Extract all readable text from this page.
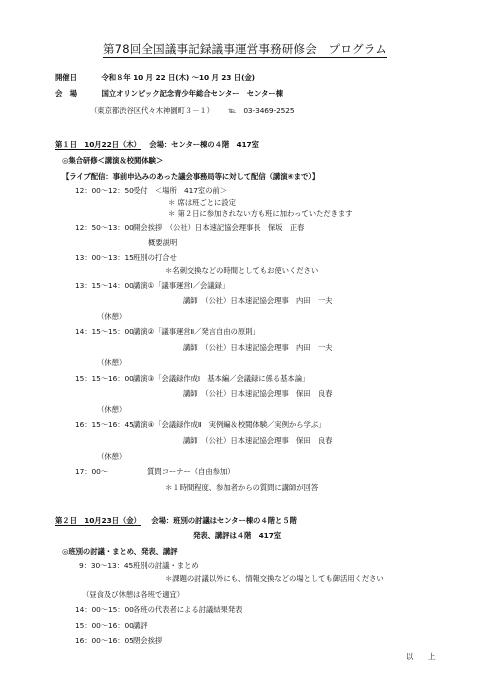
第78回全国議事記録議事運営事務研修会　プログラム
開催日	令和８年 10 月 22 日(木) ～10 月 23 日(金)
会　場	国立オリンピック記念青少年総合センター　センター棟
（東京都渋谷区代々木神園町３－１） ℡　03-3469-2525
第１日　10月22日（木） 会場：センター棟の４階　417室
◎集合研修＜講演＆校閲体験＞
【ライブ配信：事前申込みのあった議会事務局等に対して配信（講演④まで）】
12：00～12：50受付　＜場所　417室の前＞
＊ 席は班ごとに設定
＊ 第２日に参加されない方も班に加わっていただきます
12：50～13：00開会挨拶　（公社）日本速記協会理事長　保坂　正春
概要説明
13：00～13：15班別の打合せ
＊名刺交換などの時間としてもお使いください
13：15～14：00講演①「議事運営Ⅰ／会議録」
講師　（公社）日本速記協会理事　内田　一夫
（休憩）
14：15～15：00講演②「議事運営Ⅱ／発言自由の原則」
講師　（公社）日本速記協会理事　内田　一夫
（休憩）
15：15～16：00講演③「会議録作成Ⅰ　基本編／会議録に係る基本論」
講師　（公社）日本速記協会理事　保田　良春
（休憩）
16：15～16：45講演④「会議録作成Ⅱ　実例編＆校閲体験／実例から学ぶ」
講師　（公社）日本速記協会理事　保田　良春
（休憩）
17：00～	質問コーナー（自由参加）
＊１時間程度、参加者からの質問に講師が回答
第２日　10月23日（金） 会場：班別の討議はセンター棟の４階と５階
発表、講評は４階　417室
◎班別の討議・まとめ、発表、講評
9：30～13：45班別の討議・まとめ
＊課題の討議以外にも、情報交換などの場としても御活用ください
（昼食及び休憩は各班で適宜）
14：00～15：00各班の代表者による討議結果発表
15：00～16：00講評
16：00～16：05閉会挨拶
以　　上
